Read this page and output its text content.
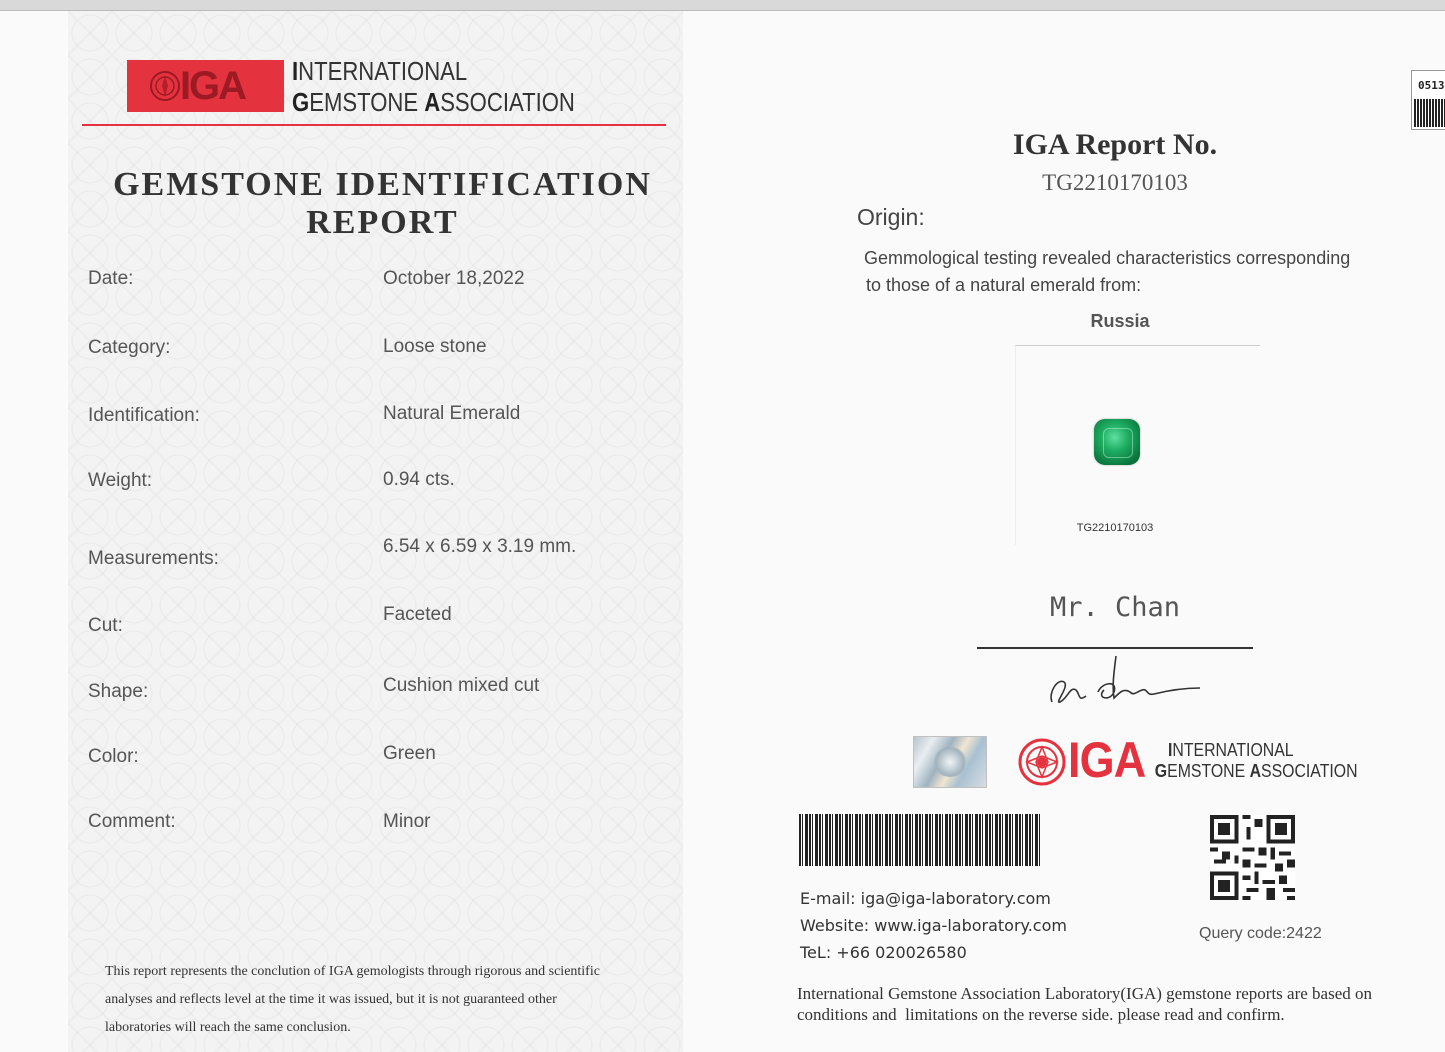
IGA INTERNATIONAL
GEMSTONE ASSOCIATION
GEMSTONE IDENTIFICATION
REPORT
Date:	October 18,2022
Category:	Loose stone
Identification:	Natural Emerald
Weight:	0.94 cts.
Measurements:
6.54 x 6.59 x 3.19 mm.
Cut:
Faceted
Shape:	Cushion mixed cut
Color:	Green
Comment:	Minor
This report represents the conclution of IGA gemologists through rigorous and scientific
analyses and reflects level at the time it was issued, but it is not guaranteed other
laboratories will reach the same conclusion.
0513
IGA Report No.
TG2210170103
Origin:
Gemmological testing revealed characteristics corresponding
to those of a natural emerald from:
Russia
TG2210170103
Mr. Chan
IGA INTERNATIONAL
GEMSTONE ASSOCIATION
E-mail: iga@iga-laboratory.com
Website: www.iga-laboratory.com
TeL: +66 020026580
Query code:2422
International Gemstone Association Laboratory(IGA) gemstone reports are based on
conditions and  limitations on the reverse side. please read and confirm.
